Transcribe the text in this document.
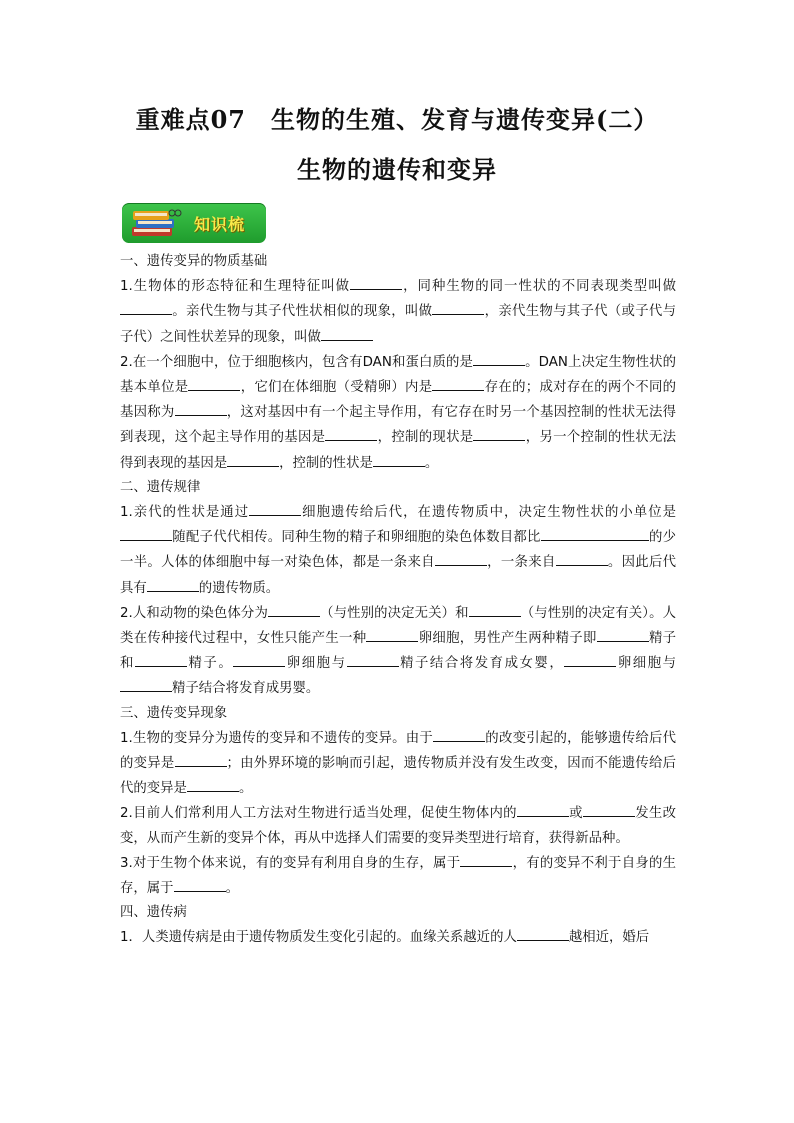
重难点07　生物的生殖、发育与遗传变异(二）
生物的遗传和变异
知识梳

一、遗传变异的物质基础

1.生物体的形态特征和生理特征叫做	，同种生物的同一性状的不同表现类型叫做。亲代生物与其子代性状相似的现象，叫做	，亲代生物与其子代（或子代与子代）之间性状差异的现象，叫做

2.在一个细胞中，位于细胞核内，包含有DAN和蛋白质的是	。DAN上决定生物性状的基本单位是	，它们在体细胞（受精卵）内是	存在的；成对存在的两个不同的基因称为	，这对基因中有一个起主导作用，有它存在时另一个基因控制的性状无法得到表现，这个起主导作用的基因是	，控制的现状是	，另一个控制的性状无法得到表现的基因是	，控制的性状是	。

二、遗传规律

1.亲代的性状是通过	细胞遗传给后代，在遗传物质中，决定生物性状的小单位是随配子代代相传。同种生物的精子和卵细胞的染色体数目都比	的少一半。人体的体细胞中每一对染色体，都是一条来自	，一条来自	。因此后代具有	的遗传物质。

2.人和动物的染色体分为	（与性别的决定无关）和	（与性别的决定有关）。人类在传种接代过程中，女性只能产生一种	卵细胞，男性产生两种精子即	精子和	精子。	卵细胞与	精子结合将发育成女婴，	卵细胞与精子结合将发育成男婴。

三、遗传变异现象

1.生物的变异分为遗传的变异和不遗传的变异。由于	的改变引起的，能够遗传给后代的变异是	；由外界环境的影响而引起，遗传物质并没有发生改变，因而不能遗传给后代的变异是	。

2.目前人们常利用人工方法对生物进行适当处理，促使生物体内的	或	发生改变，从而产生新的变异个体，再从中选择人们需要的变异类型进行培育，获得新品种。

3.对于生物个体来说，有的变异有利用自身的生存，属于	，有的变异不利于自身的生存，属于	。

四、遗传病

1．人类遗传病是由于遗传物质发生变化引起的。血缘关系越近的人	越相近，婚后
